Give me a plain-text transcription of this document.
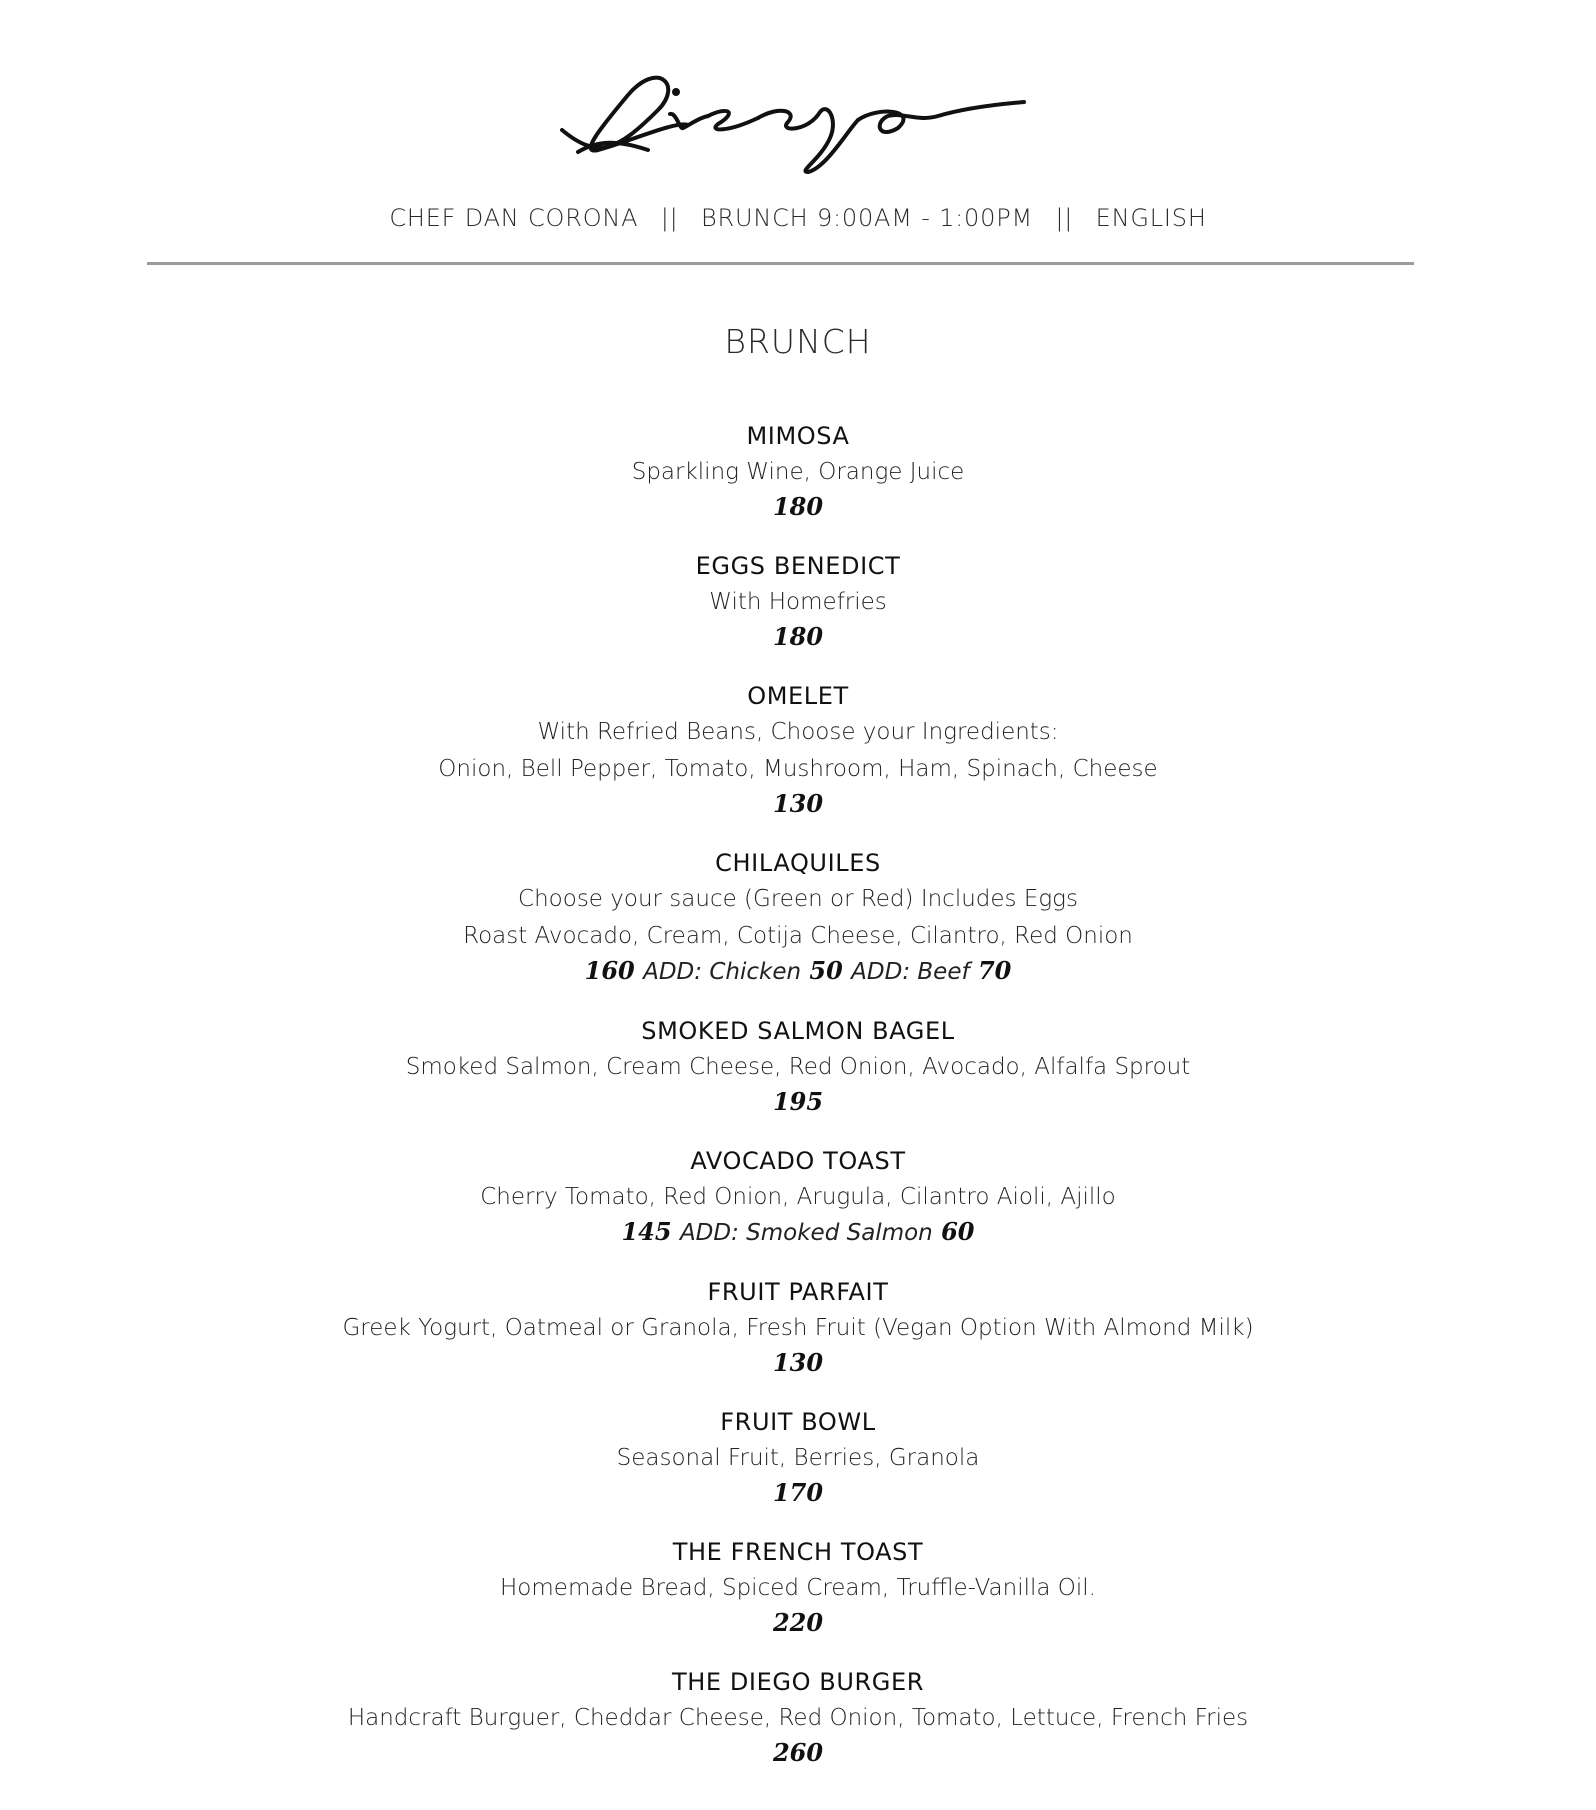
CHEF DAN CORONA || BRUNCH 9:00AM - 1:00PM || ENGLISH
BRUNCH
MIMOSA
Sparkling Wine, Orange Juice
180
EGGS BENEDICT
With Homefries
180
OMELET
With Refried Beans, Choose your Ingredients:
Onion, Bell Pepper, Tomato, Mushroom, Ham, Spinach, Cheese
130
CHILAQUILES
Choose your sauce (Green or Red) Includes Eggs
Roast Avocado, Cream, Cotija Cheese, Cilantro, Red Onion
160 ADD: Chicken 50 ADD: Beef 70
SMOKED SALMON BAGEL
Smoked Salmon, Cream Cheese, Red Onion, Avocado, Alfalfa Sprout
195
AVOCADO TOAST
Cherry Tomato, Red Onion, Arugula, Cilantro Aioli, Ajillo
145 ADD: Smoked Salmon 60
FRUIT PARFAIT
Greek Yogurt, Oatmeal or Granola, Fresh Fruit (Vegan Option With Almond Milk)
130
FRUIT BOWL
Seasonal Fruit, Berries, Granola
170
THE FRENCH TOAST
Homemade Bread, Spiced Cream, Truffle-Vanilla Oil.
220
THE DIEGO BURGER
Handcraft Burguer, Cheddar Cheese, Red Onion, Tomato, Lettuce, French Fries
260
